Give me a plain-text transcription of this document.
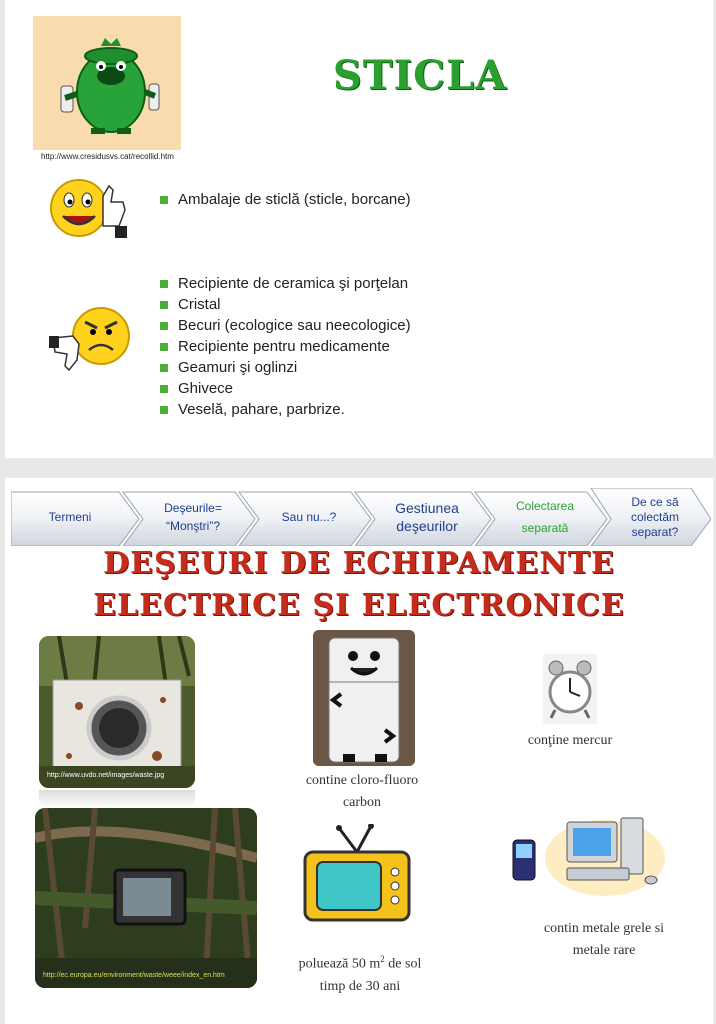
http://www.cresidusvs.cat/recollid.htm
STICLA
Ambalaje de sticlă (sticle, borcane)
Recipiente de ceramica şi porţelan
Cristal
Becuri (ecologice sau neecologice)
Recipiente pentru medicamente
Geamuri şi oglinzi
Ghivece
Veselă, pahare, parbrize.
Termeni
Deşeurile=
“Monştri”?
Sau nu...?
Gestiunea
deşeurilor
Colectarea
separată
De ce să
colectăm
separat?
DEŞEURI DE ECHIPAMENTE
ELECTRICE ŞI ELECTRONICE
http://www.uvdo.net/images/waste.jpg	contine cloro-fluoro
carbon
conţine mercur
http://ec.europa.eu/environment/waste/weee/index_en.htm
poluează 50 $m^2$ de sol
timp de 30 ani
contin metale grele si
metale rare
